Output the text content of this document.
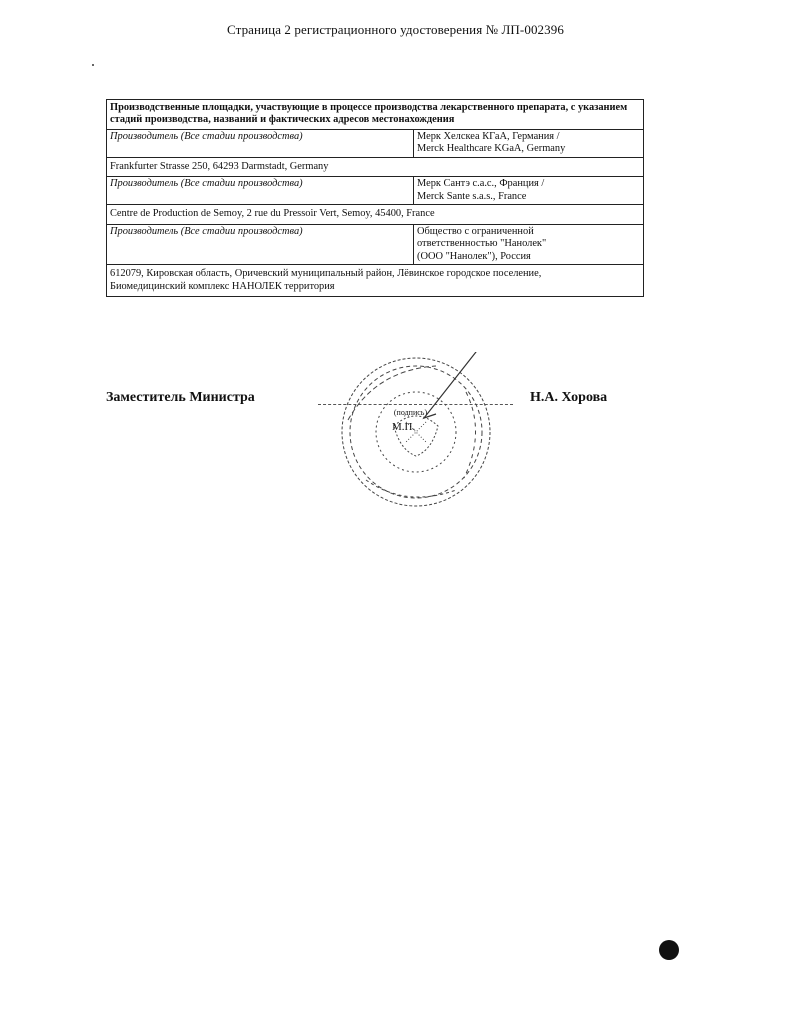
Страница 2 регистрационного удостоверения № ЛП-002396
Производственные площадки, участвующие в процессе производства лекарственного препарата, с указанием стадий производства, названий и фактических адресов местонахождения	
Производитель (Все стадии производства)	Мерк Хелскеа КГаА, Германия /
Merck Healthcare KGaA, Germany

Frankfurter Strasse 250, 64293 Darmstadt, Germany	
Производитель (Все стадии производства)	Мерк Сантэ с.а.с., Франция /
Merck Sante s.a.s., France

Centre de Production de Semoy, 2 rue du Pressoir Vert, Semoy, 45400, France	
Производитель (Все стадии производства)	Общество с ограниченной
ответственностью "Нанолек"
(ООО "Нанолек"), Россия

612079, Кировская область, Оричевский муниципальный район, Лёвинское городское поселение,
Биомедицинский комплекс НАНОЛЕК территория	
Заместитель Министра
(подпись)
М.П.
Н.А. Хорова
